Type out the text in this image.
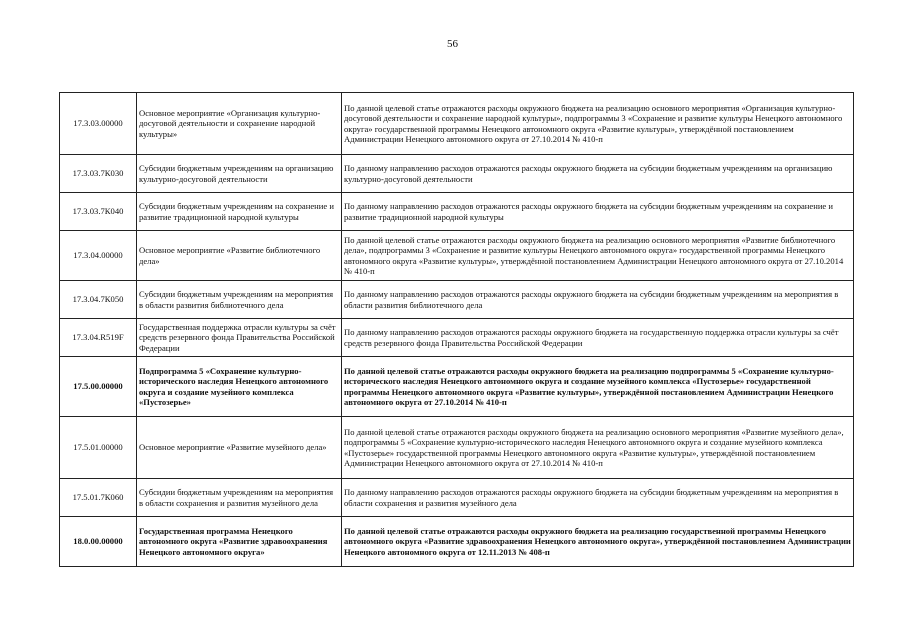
56
17.3.03.00000	Основное мероприятие «Организация культурно-досуговой деятельности и сохранение народной культуры»	По данной целевой статье отражаются расходы окружного бюджета на реализацию основного мероприятия «Организация культурно-досуговой деятельности и сохранение народной культуры», подпрограммы 3 «Сохранение и развитие культуры Ненецкого автономного округа» государственной программы Ненецкого автономного округа «Развитие культуры», утверждённой постановлением Администрации Ненецкого автономного округа от 27.10.2014 № 410-п
17.3.03.7К030	Субсидии бюджетным учреждениям на организацию культурно-досуговой деятельности	По данному направлению расходов отражаются расходы окружного бюджета на субсидии бюджетным учреждениям на организацию культурно-досуговой деятельности
17.3.03.7К040	Субсидии бюджетным учреждениям на сохранение и развитие традиционной народной культуры	По данному направлению расходов отражаются расходы окружного бюджета на субсидии бюджетным учреждениям на сохранение и развитие традиционной народной культуры
17.3.04.00000	Основное мероприятие «Развитие библиотечного дела»	По данной целевой статье отражаются расходы окружного бюджета на реализацию основного мероприятия «Развитие библиотечного дела», подпрограммы 3 «Сохранение и развитие культуры Ненецкого автономного округа» государственной программы Ненецкого автономного округа «Развитие культуры», утверждённой постановлением Администрации Ненецкого автономного округа от 27.10.2014 № 410-п
17.3.04.7К050	Субсидии бюджетным учреждениям на мероприятия в области развития библиотечного дела	По данному направлению расходов отражаются расходы окружного бюджета на субсидии бюджетным учреждениям на мероприятия в области развития библиотечного дела
17.3.04.R519F	Государственная поддержка отрасли культуры за счёт средств резервного фонда Правительства Российской Федерации	По данному направлению расходов отражаются расходы окружного бюджета на государственную поддержка отрасли культуры за счёт средств резервного фонда Правительства Российской Федерации
17.5.00.00000	Подпрограмма 5 «Сохранение культурно-исторического наследия Ненецкого автономного округа и создание музейного комплекса «Пустозерье»	По данной целевой статье отражаются расходы окружного бюджета на реализацию подпрограммы 5 «Сохранение культурно-исторического наследия Ненецкого автономного округа и создание музейного комплекса «Пустозерье» государственной программы Ненецкого автономного округа «Развитие культуры», утверждённой постановлением Администрации Ненецкого автономного округа от 27.10.2014 № 410-п
17.5.01.00000	Основное мероприятие «Развитие музейного дела»	По данной целевой статье отражаются расходы окружного бюджета на реализацию основного мероприятия «Развитие музейного дела», подпрограммы 5 «Сохранение культурно-исторического наследия Ненецкого автономного округа и создание музейного комплекса «Пустозерье» государственной программы Ненецкого автономного округа «Развитие культуры», утверждённой постановлением Администрации Ненецкого автономного округа от 27.10.2014 № 410-п
17.5.01.7К060	Субсидии бюджетным учреждениям на мероприятия в области сохранения и развития музейного дела	По данному направлению расходов отражаются расходы окружного бюджета на субсидии бюджетным учреждениям на мероприятия в области сохранения и развития музейного дела
18.0.00.00000	Государственная программа Ненецкого автономного округа «Развитие здравоохранения Ненецкого автономного округа»	По данной целевой статье отражаются расходы окружного бюджета на реализацию государственной программы Ненецкого автономного округа «Развитие здравоохранения Ненецкого автономного округа», утверждённой постановлением Администрации Ненецкого автономного округа от 12.11.2013 № 408-п
